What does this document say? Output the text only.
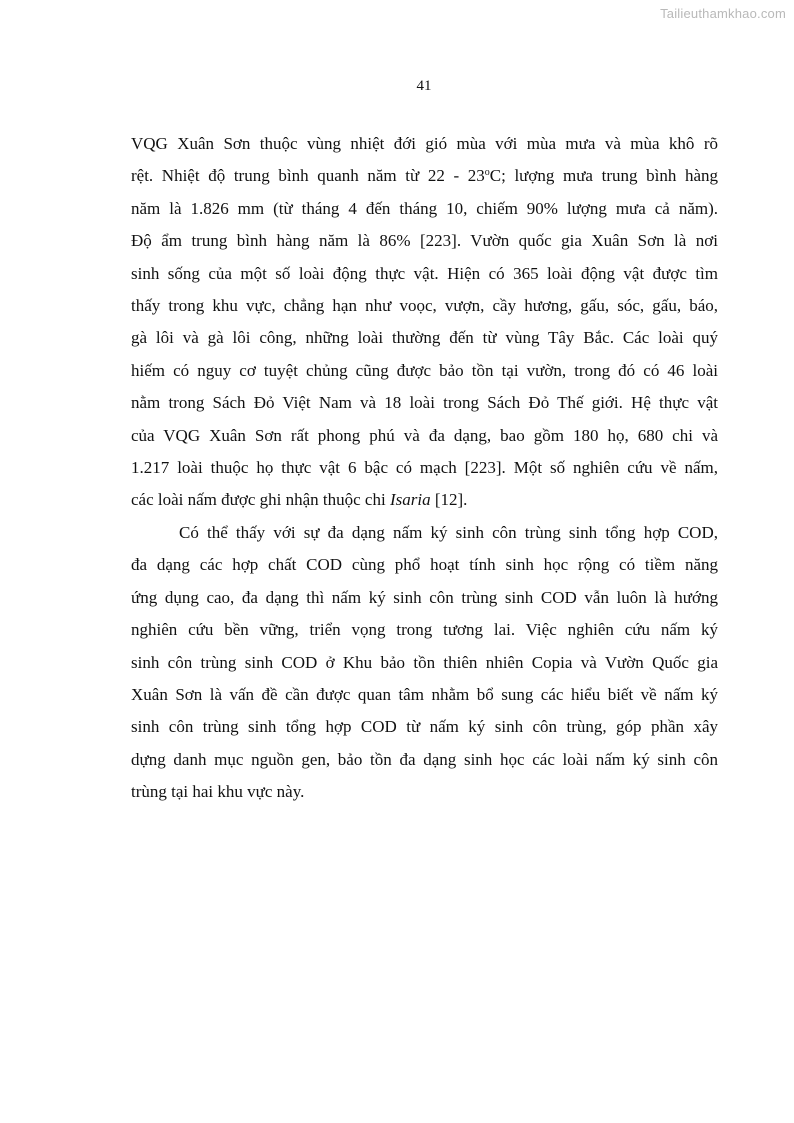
Tailieuthamkhao.com
41
VQG Xuân Sơn thuộc vùng nhiệt đới gió mùa với mùa mưa và mùa khô rõ
rệt. Nhiệt độ trung bình quanh năm từ 22 - 23$^o$C; lượng mưa trung bình hàng
năm là 1.826 mm (từ tháng 4 đến tháng 10, chiếm 90% lượng mưa cả năm).
Độ ẩm trung bình hàng năm là 86% [223]. Vườn quốc gia Xuân Sơn là nơi
sinh sống của một số loài động thực vật. Hiện có 365 loài động vật được tìm
thấy trong khu vực, chẳng hạn như voọc, vượn, cầy hương, gấu, sóc, gấu, báo,
gà lôi và gà lôi công, những loài thường đến từ vùng Tây Bắc. Các loài quý
hiếm có nguy cơ tuyệt chủng cũng được bảo tồn tại vườn, trong đó có 46 loài
nằm trong Sách Đỏ Việt Nam và 18 loài trong Sách Đỏ Thế giới. Hệ thực vật
của VQG Xuân Sơn rất phong phú và đa dạng, bao gồm 180 họ, 680 chi và
1.217 loài thuộc họ thực vật 6 bậc có mạch [223]. Một số nghiên cứu về nấm,
các loài nấm được ghi nhận thuộc chi Isaria [12].
Có thể thấy với sự đa dạng nấm ký sinh côn trùng sinh tổng hợp COD,
đa dạng các hợp chất COD cùng phổ hoạt tính sinh học rộng có tiềm năng
ứng dụng cao, đa dạng thì nấm ký sinh côn trùng sinh COD vẫn luôn là hướng
nghiên cứu bền vững, triển vọng trong tương lai. Việc nghiên cứu nấm ký
sinh côn trùng sinh COD ở Khu bảo tồn thiên nhiên Copia và Vườn Quốc gia
Xuân Sơn là vấn đề cần được quan tâm nhằm bổ sung các hiểu biết về nấm ký
sinh côn trùng sinh tổng hợp COD từ nấm ký sinh côn trùng, góp phần xây
dựng danh mục nguồn gen, bảo tồn đa dạng sinh học các loài nấm ký sinh côn
trùng tại hai khu vực này.
